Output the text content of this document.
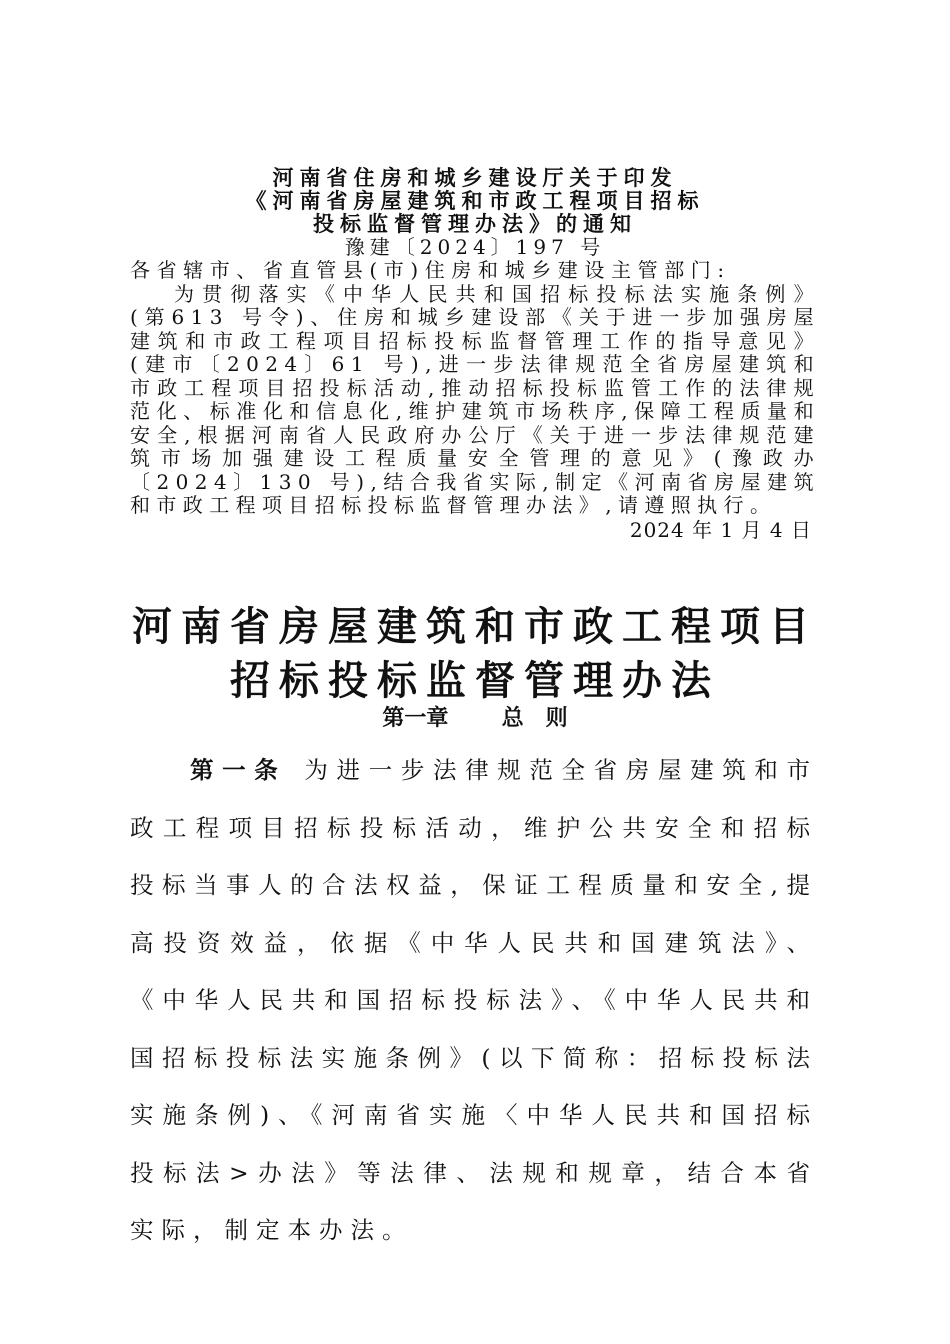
河南省住房和城乡建设厅关于印发
《河南省房屋建筑和市政工程项目招标
投标监督管理办法》的通知
豫建〔2024〕197 号
各省辖市、省直管县(市)住房和城乡建设主管部门:
为贯彻落实《中华人民共和国招标投标法实施条例》(第613 号令)、住房和城乡建设部《关于进一步加强房屋建筑和市政工程项目招标投标监督管理工作的指导意见》(建市〔2024〕61 号),进一步法律规范全省房屋建筑和市政工程项目招投标活动,推动招标投标监管工作的法律规范化、标准化和信息化,维护建筑市场秩序,保障工程质量和安全,根据河南省人民政府办公厅《关于进一步法律规范建筑市场加强建设工程质量安全管理的意见》(豫政办〔2024〕130 号),结合我省实际,制定《河南省房屋建筑和市政工程项目招标投标监督管理办法》,请遵照执行。
2024 年 1 月 4 日
河南省房屋建筑和市政工程项目
招标投标监督管理办法
第一章 总　则
第一条 为进一步法律规范全省房屋建筑和市政工程项目招标投标活动，维护公共安全和招标投标当事人的合法权益，保证工程质量和安全,提高投资效益，依据《中华人民共和国建筑法》、《中华人民共和国招标投标法》、《中华人民共和国招标投标法实施条例》(以下简称：招标投标法实施条例)、《河南省实施〈中华人民共和国招标投标法>办法》等法律、法规和规章，结合本省实际，制定本办法。
